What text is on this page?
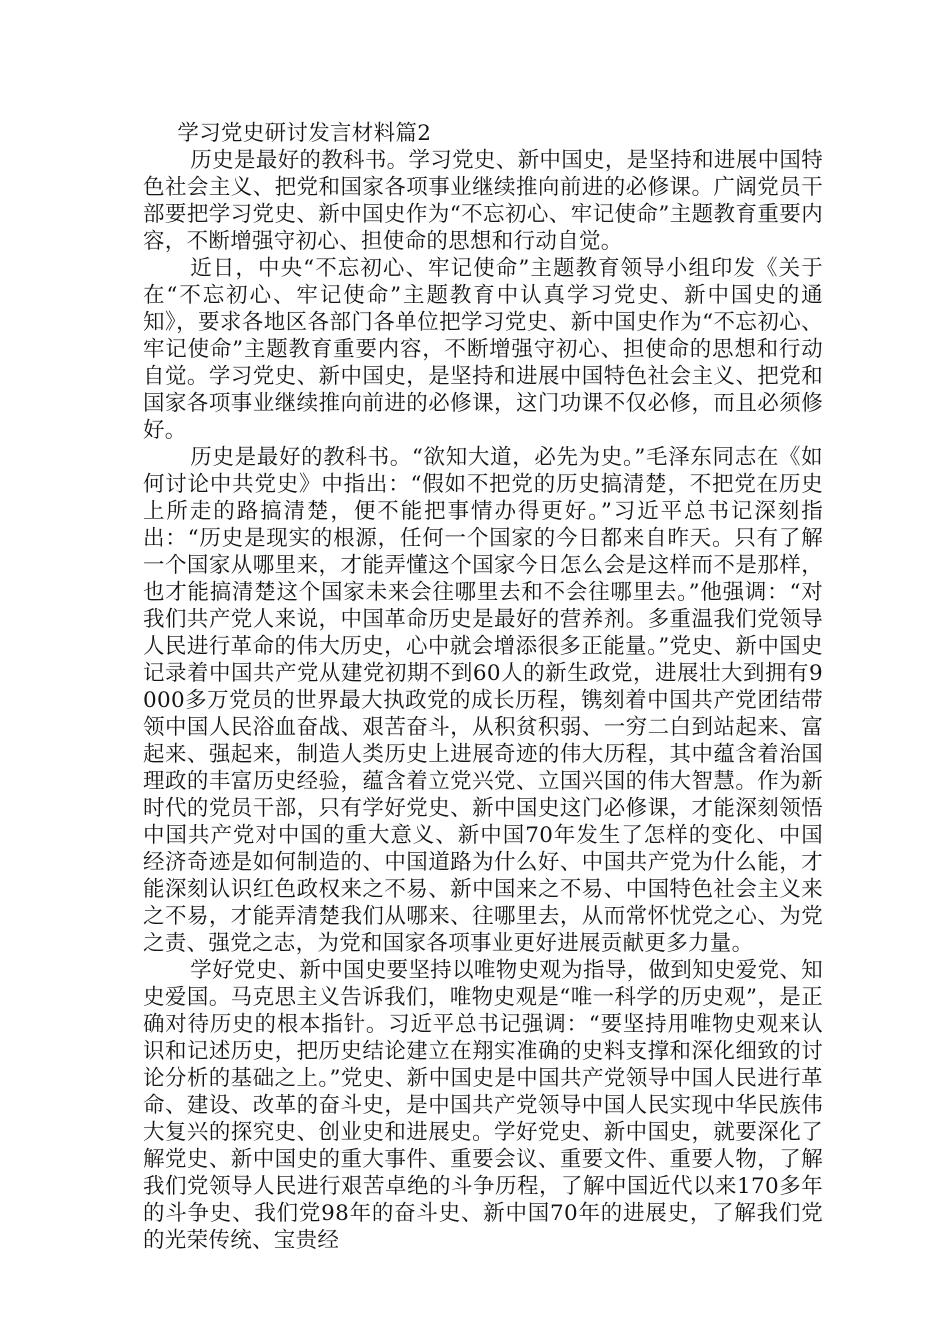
学习党史研讨发言材料篇2

历史是最好的教科书。学习党史、新中国史，是坚持和进展中国特色社会主义、把党和国家各项事业继续推向前进的必修课。广阔党员干部要把学习党史、新中国史作为“不忘初心、牢记使命”主题教育重要内容，不断增强守初心、担使命的思想和行动自觉。

近日，中央“不忘初心、牢记使命”主题教育领导小组印发《关于在“不忘初心、牢记使命”主题教育中认真学习党史、新中国史的通知》，要求各地区各部门各单位把学习党史、新中国史作为“不忘初心、牢记使命”主题教育重要内容，不断增强守初心、担使命的思想和行动自觉。学习党史、新中国史，是坚持和进展中国特色社会主义、把党和国家各项事业继续推向前进的必修课，这门功课不仅必修，而且必须修好。

历史是最好的教科书。“欲知大道，必先为史。”毛泽东同志在《如何讨论中共党史》中指出：“假如不把党的历史搞清楚，不把党在历史上所走的路搞清楚，便不能把事情办得更好。”习近平总书记深刻指出：“历史是现实的根源，任何一个国家的今日都来自昨天。只有了解一个国家从哪里来，才能弄懂这个国家今日怎么会是这样而不是那样，也才能搞清楚这个国家未来会往哪里去和不会往哪里去。”他强调：“对我们共产党人来说，中国革命历史是最好的营养剂。多重温我们党领导人民进行革命的伟大历史，心中就会增添很多正能量。”党史、新中国史记录着中国共产党从建党初期不到60人的新生政党，进展壮大到拥有9000多万党员的世界最大执政党的成长历程，镌刻着中国共产党团结带领中国人民浴血奋战、艰苦奋斗，从积贫积弱、一穷二白到站起来、富起来、强起来，制造人类历史上进展奇迹的伟大历程，其中蕴含着治国理政的丰富历史经验，蕴含着立党兴党、立国兴国的伟大智慧。作为新时代的党员干部，只有学好党史、新中国史这门必修课，才能深刻领悟中国共产党对中国的重大意义、新中国70年发生了怎样的变化、中国经济奇迹是如何制造的、中国道路为什么好、中国共产党为什么能，才能深刻认识红色政权来之不易、新中国来之不易、中国特色社会主义来之不易，才能弄清楚我们从哪来、往哪里去，从而常怀忧党之心、为党之责、强党之志，为党和国家各项事业更好进展贡献更多力量。

学好党史、新中国史要坚持以唯物史观为指导，做到知史爱党、知史爱国。马克思主义告诉我们，唯物史观是“唯一科学的历史观”，是正确对待历史的根本指针。习近平总书记强调：“要坚持用唯物史观来认识和记述历史，把历史结论建立在翔实准确的史料支撑和深化细致的讨论分析的基础之上。”党史、新中国史是中国共产党领导中国人民进行革命、建设、改革的奋斗史，是中国共产党领导中国人民实现中华民族伟大复兴的探究史、创业史和进展史。学好党史、新中国史，就要深化了解党史、新中国史的重大事件、重要会议、重要文件、重要人物，了解我们党领导人民进行艰苦卓绝的斗争历程，了解中国近代以来170多年的斗争史、我们党98年的奋斗史、新中国70年的进展史，了解我们党的光荣传统、宝贵经
